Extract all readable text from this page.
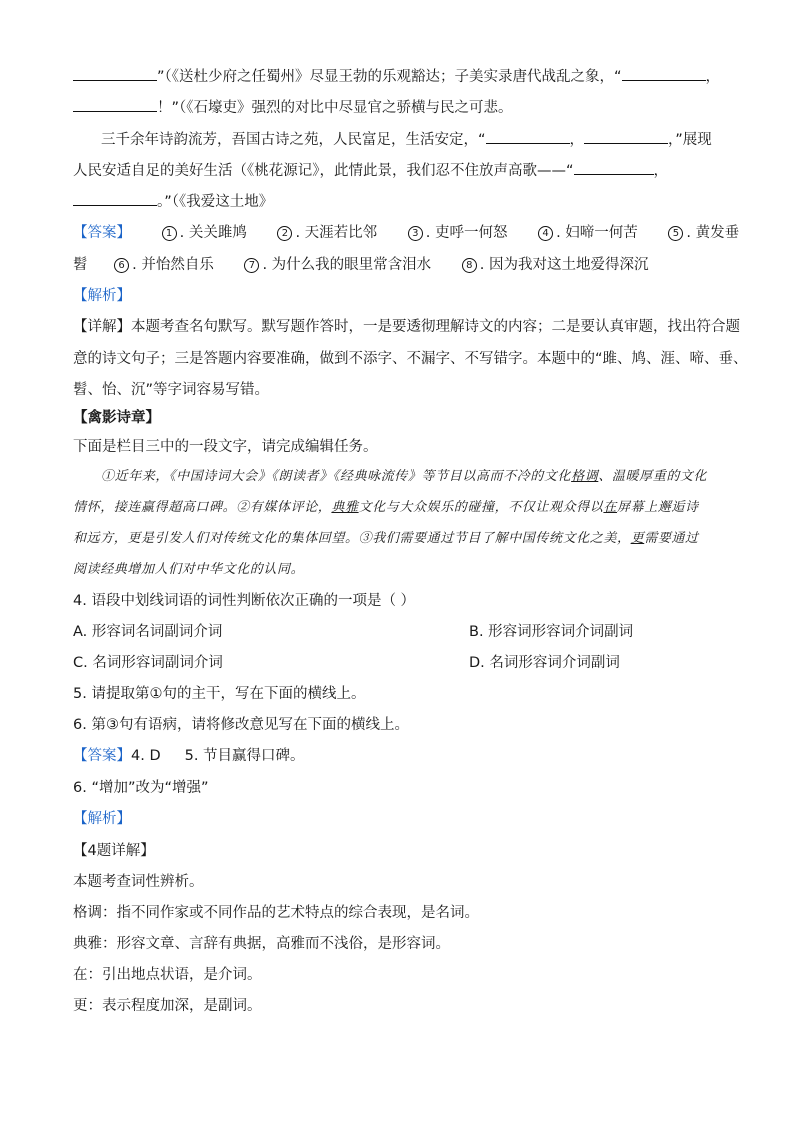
”（《送杜少府之任蜀州》尽显王勃的乐观豁达；子美实录唐代战乱之象，“	，
！”（《石壕吏》强烈的对比中尽显官之骄横与民之可悲。
三千余年诗韵流芳，吾国古诗之苑，人民富足，生活安定，“	，	，”展现
人民安适自足的美好生活（《桃花源记》，此情此景，我们忍不住放声高歌——“	，
。”（《我爱这土地》
【答案】	1 . 关关雎鸠	2 . 天涯若比邻	3 . 吏呼一何怒	4 . 妇啼一何苦	5 . 黄发垂
髫	6 . 并怡然自乐	7 . 为什么我的眼里常含泪水	8 . 因为我对这土地爱得深沉
【解析】
【详解】本题考查名句默写。默写题作答时，一是要透彻理解诗文的内容；二是要认真审题，找出符合题
意的诗文句子；三是答题内容要准确，做到不添字、不漏字、不写错字。本题中的“雎、鸠、涯、啼、垂、
髫、怡、沉”等字词容易写错。
【禽影诗章】
下面是栏目三中的一段文字，请完成编辑任务。
①近年来，《中国诗词大会》《朗读者》《经典咏流传》等节目以高而不冷的文化格调、温暖厚重的文化
情怀，接连赢得超高口碑。②有媒体评论，典雅文化与大众娱乐的碰撞，不仅让观众得以在屏幕上邂逅诗
和远方，更是引发人们对传统文化的集体回望。③我们需要通过节目了解中国传统文化之美，更需要通过
阅读经典增加人们对中华文化的认同。
4. 语段中划线词语的词性判断依次正确的一项是（ ）
A. 形容词名词副词介词	B. 形容词形容词介词副词
C. 名词形容词副词介词	D. 名词形容词介词副词
5. 请提取第①句的主干，写在下面的横线上。
6. 第③句有语病，请将修改意见写在下面的横线上。
【答案】4. D 5. 节目赢得口碑。
6. “增加”改为“增强”
【解析】
【4题详解】
本题考查词性辨析。
格调：指不同作家或不同作品的艺术特点的综合表现，是名词。
典雅：形容文章、言辞有典据，高雅而不浅俗，是形容词。
在：引出地点状语，是介词。
更：表示程度加深，是副词。
